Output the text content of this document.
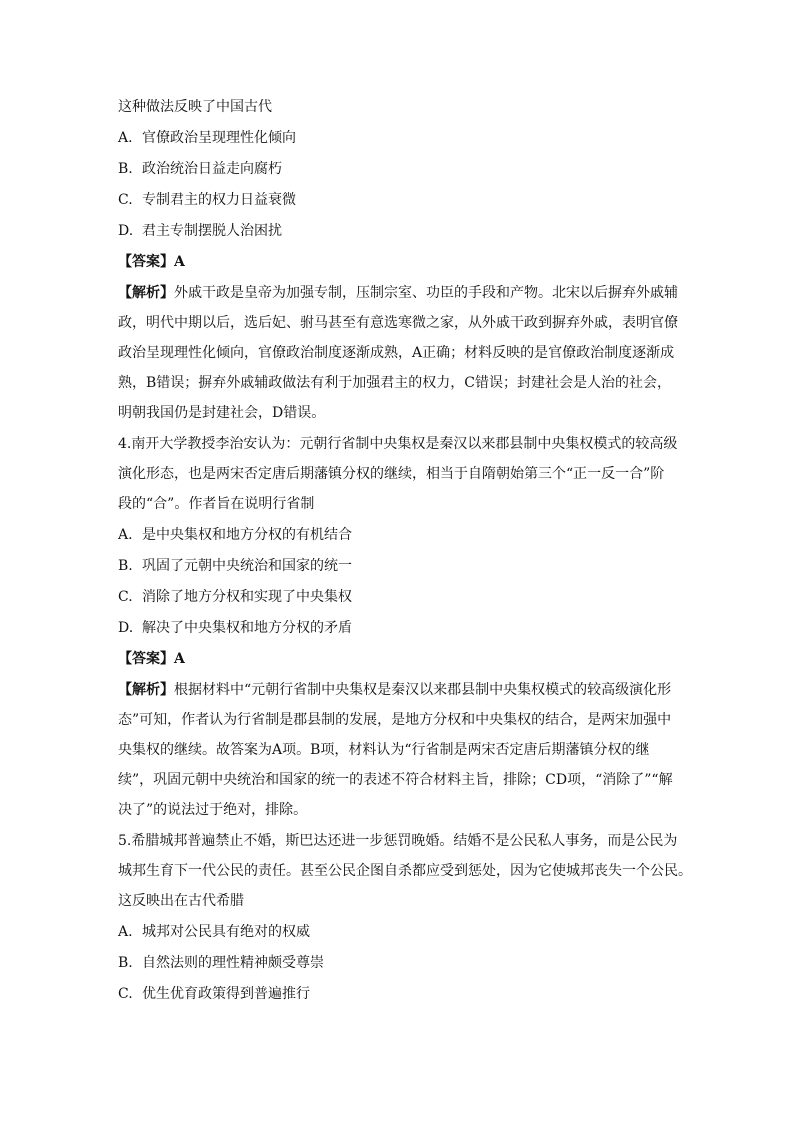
这种做法反映了中国古代

A. 官僚政治呈现理性化倾向

B. 政治统治日益走向腐朽

C. 专制君主的权力日益衰微

D. 君主专制摆脱人治困扰

【答案】A

【解析】外戚干政是皇帝为加强专制，压制宗室、功臣的手段和产物。北宋以后摒弃外戚辅

政，明代中期以后，选后妃、驸马甚至有意选寒微之家，从外戚干政到摒弃外戚，表明官僚

政治呈现理性化倾向，官僚政治制度逐渐成熟，A正确；材料反映的是官僚政治制度逐渐成

熟，B错误；摒弃外戚辅政做法有利于加强君主的权力，C错误；封建社会是人治的社会，

明朝我国仍是封建社会，D错误。

4.南开大学教授李治安认为：元朝行省制中央集权是秦汉以来郡县制中央集权模式的较高级

演化形态，也是两宋否定唐后期藩镇分权的继续，相当于自隋朝始第三个“正一反一合”阶

段的“合”。作者旨在说明行省制

A. 是中央集权和地方分权的有机结合

B. 巩固了元朝中央统治和国家的统一

C. 消除了地方分权和实现了中央集权

D. 解决了中央集权和地方分权的矛盾

【答案】A

【解析】根据材料中“元朝行省制中央集权是秦汉以来郡县制中央集权模式的较高级演化形

态”可知，作者认为行省制是郡县制的发展，是地方分权和中央集权的结合，是两宋加强中

央集权的继续。故答案为A项。B项，材料认为“行省制是两宋否定唐后期藩镇分权的继

续”，巩固元朝中央统治和国家的统一的表述不符合材料主旨，排除；CD项，“消除了”“解

决了”的说法过于绝对，排除。

5.希腊城邦普遍禁止不婚，斯巴达还进一步惩罚晚婚。结婚不是公民私人事务，而是公民为

城邦生育下一代公民的责任。甚至公民企图自杀都应受到惩处，因为它使城邦丧失一个公民。

这反映出在古代希腊

A. 城邦对公民具有绝对的权威

B. 自然法则的理性精神颇受尊崇

C. 优生优育政策得到普遍推行
